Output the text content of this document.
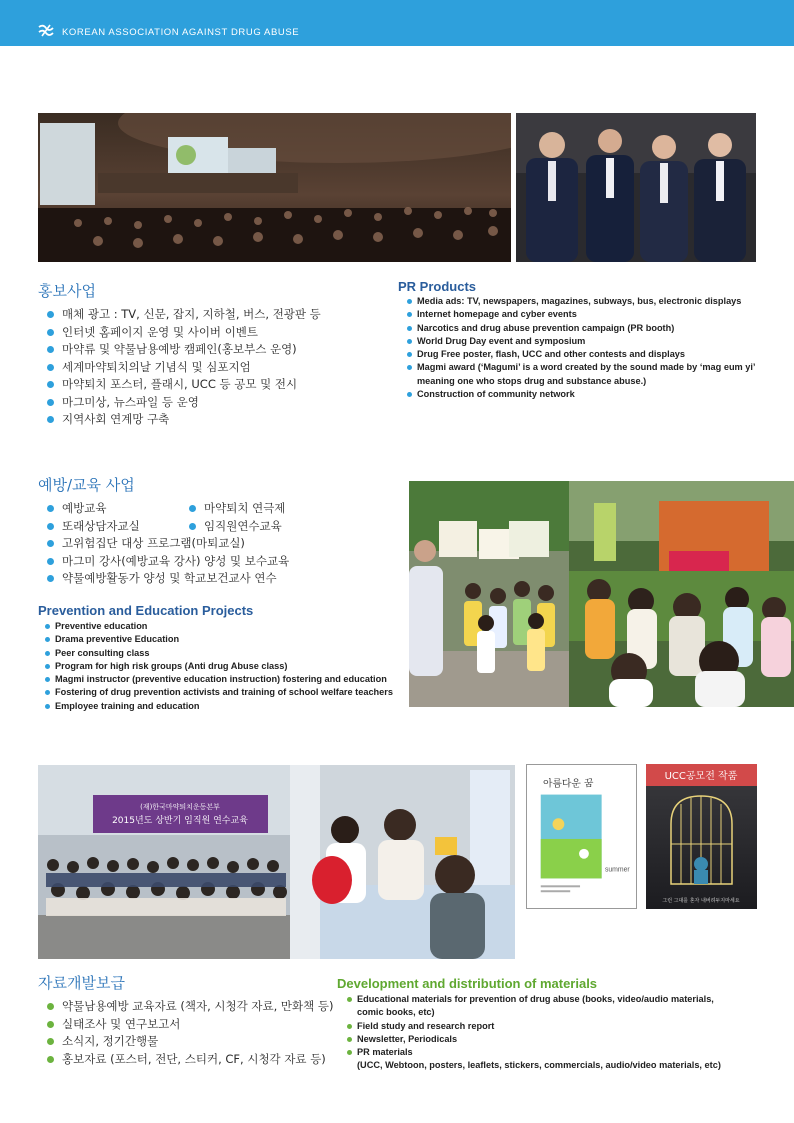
KOREAN ASSOCIATION AGAINST DRUG ABUSE
홍보사업
매체 광고 : TV, 신문, 잡지, 지하철, 버스, 전광판 등
인터넷 홈페이지 운영 및 사이버 이벤트
마약류 및 약물남용예방 캠페인(홍보부스 운영)
세계마약퇴치의날 기념식 및 심포지엄
마약퇴치 포스터, 플래시, UCC 등 공모 및 전시
마그미상, 뉴스파일 등 운영
지역사회 연계망 구축
PR Products
Media ads: TV, newspapers, magazines, subways, bus, electronic displays
Internet homepage and cyber events
Narcotics and drug abuse prevention campaign (PR booth)
World Drug Day event and symposium
Drug Free poster, flash, UCC and other contests and displays
Magmi award (‘Magumi’ is a word created by the sound made by ‘mag eum yi’
meaning one who stops drug and substance abuse.)
Construction of community network
예방/교육 사업
예방교육
또래상담자교실
마약퇴치 연극제
임직원연수교육
고위험집단 대상 프로그램(마퇴교실)
마그미 강사(예방교육 강사) 양성 및 보수교육
약물예방활동가 양성 및 학교보건교사 연수
Prevention and Education Projects
Preventive education
Drama preventive Education
Peer consulting class
Program for high risk groups (Anti drug Abuse class)
Magmi instructor (preventive education instruction) fostering and education
Fostering of drug prevention activists and training of school welfare teachers
Employee training and education
(재)한국마약퇴치운동본부
2015년도 상반기 임직원 연수교육
아름다운 꿈
summer
UCC공모전 작품
그런 그대를 혼자 내버려두지마세요
자료개발보급
약물남용예방 교육자료 (책자, 시청각 자료, 만화책 등)
실태조사 및 연구보고서
소식지, 정기간행물
홍보자료 (포스터, 전단, 스티커, CF, 시청각 자료 등)
Development and distribution of materials
Educational materials for prevention of drug abuse (books, video/audio materials,
comic books, etc)
Field study and research report
Newsletter, Periodicals
PR materials
(UCC, Webtoon, posters, leaflets, stickers, commercials, audio/video materials, etc)
